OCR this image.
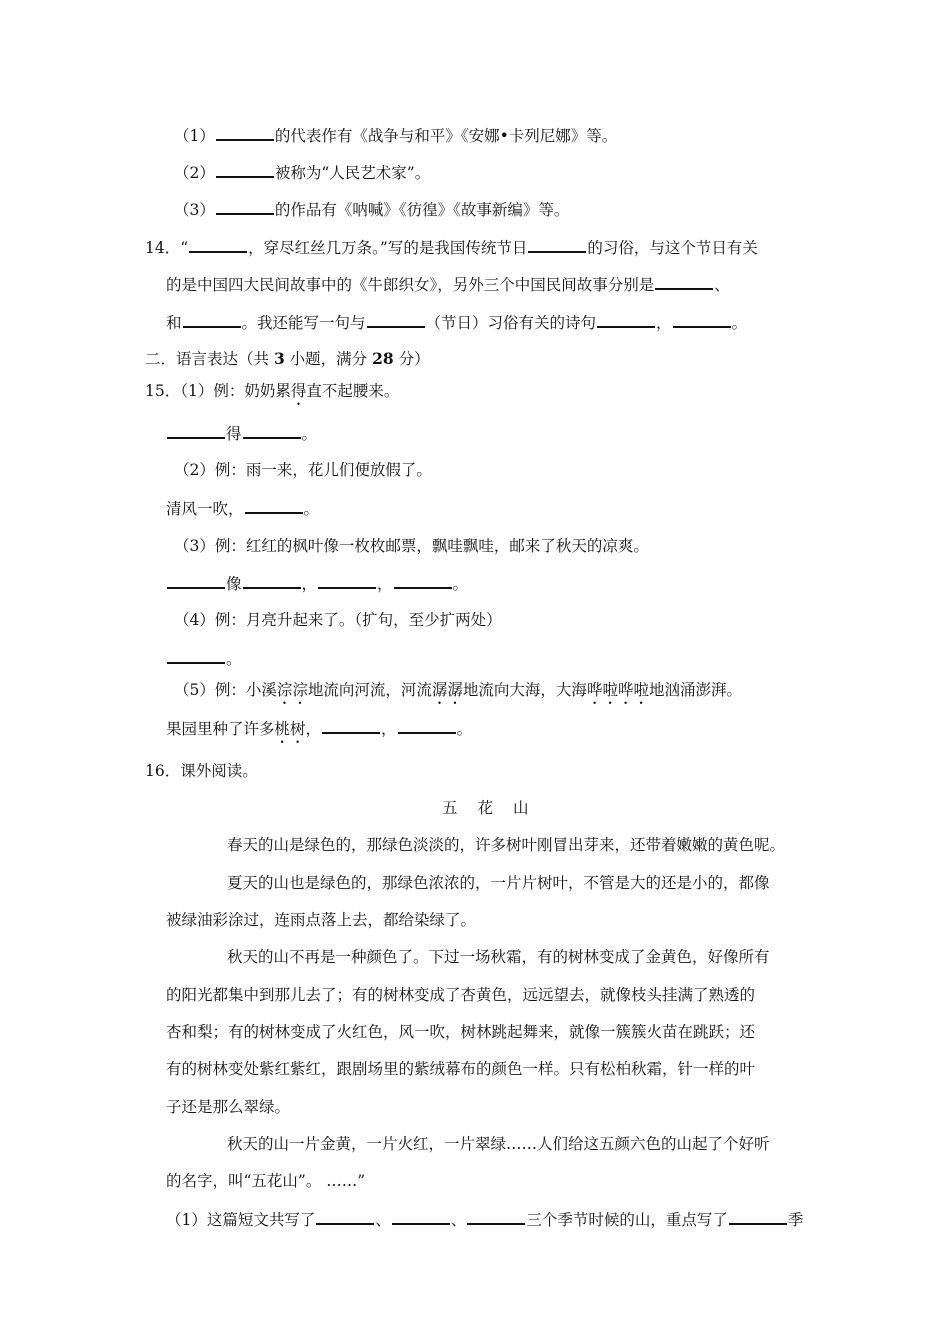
（1）	的代表作有《战争与和平》《安娜•卡列尼娜》等。
（2）	被称为“人民艺术家”。
（3）	的作品有《呐喊》《彷徨》《故事新编》等。
14．“	，穿尽红丝几万条。”写的是我国传统节日	的习俗，与这个节日有关
的是中国四大民间故事中的《牛郎织女》，另外三个中国民间故事分别是	、
和	。我还能写一句与	（节日）习俗有关的诗句	，	。
二．语言表达（共 3 小题，满分 28 分）
15．（1）例：奶奶累得直不起腰来。
得	。
（2）例：雨一来，花儿们便放假了。
清风一吹，	。
（3）例：红红的枫叶像一枚枚邮票，飘哇飘哇，邮来了秋天的凉爽。
像	，	，	。
（4）例：月亮升起来了。（扩句，至少扩两处）
。
（5）例：小溪淙淙地流向河流，河流潺潺地流向大海，大海哗啦哗啦地汹涌澎湃。
果园里种了许多桃树，	，	。
16．课外阅读。
五花山
春天的山是绿色的，那绿色淡淡的，许多树叶刚冒出芽来，还带着嫩嫩的黄色呢。
夏天的山也是绿色的，那绿色浓浓的，一片片树叶，不管是大的还是小的，都像
被绿油彩涂过，连雨点落上去，都给染绿了。
秋天的山不再是一种颜色了。下过一场秋霜，有的树林变成了金黄色，好像所有
的阳光都集中到那儿去了；有的树林变成了杏黄色，远远望去，就像枝头挂满了熟透的
杏和梨；有的树林变成了火红色，风一吹，树林跳起舞来，就像一簇簇火苗在跳跃；还
有的树林变处紫红紫红，跟剧场里的紫绒幕布的颜色一样。只有松柏秋霜，针一样的叶
子还是那么翠绿。
秋天的山一片金黄，一片火红，一片翠绿……人们给这五颜六色的山起了个好听
的名字，叫“五花山”。 ……”
（1）这篇短文共写了	、	、	三个季节时候的山，重点写了	季
